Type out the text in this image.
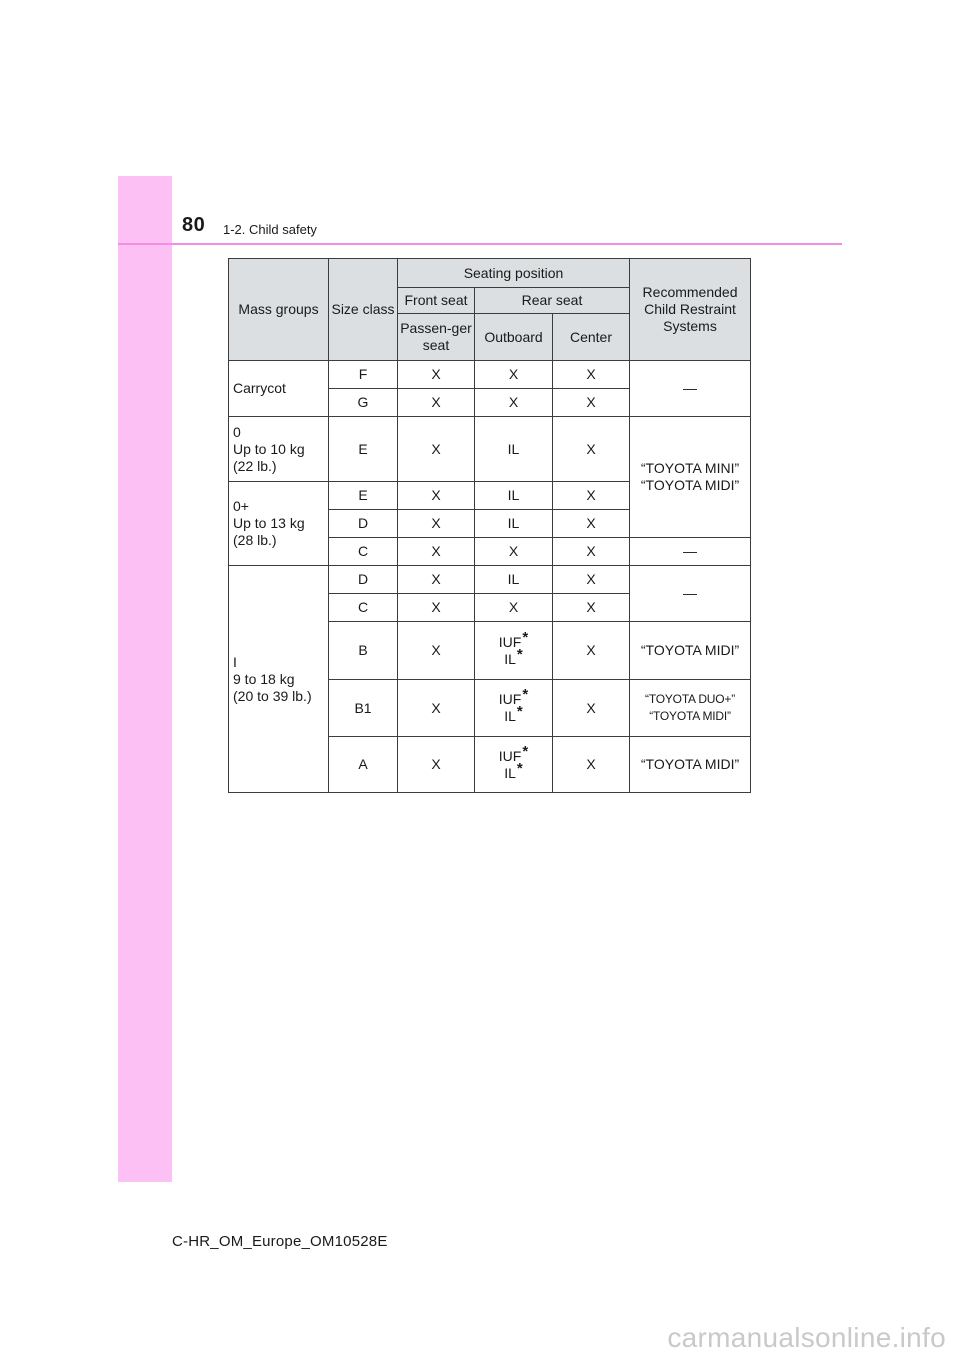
80 1-2. Child safety
Mass groups	Size class	Seating position			Recommended Child Restraint Systems
		Front seat	Rear seat		
		Passen-ger seat	Outboard	Center	
Carrycot	F	X	X	X	—
	G	X	X	X	

0
Up to 10 kg
(22 lb.)	E	X	IL	X	“TOYOTA MINI”
“TOYOTA MIDI”

0+
Up to 13 kg
(28 lb.)	E	X	IL	X	
	D	X	IL	X	
	C	X	X	X	—

I
9 to 18 kg
(20 to 39 lb.)	D	X	IL	X	—
	C	X	X	X	
	B	X	IUF*
IL*	X	“TOYOTA MIDI”
	B1	X	IUF*
IL*	X	“TOYOTA DUO+”
“TOYOTA MIDI”

	A	X	IUF*
IL*	X	“TOYOTA MIDI”
C-HR_OM_Europe_OM10528E
carmanualsonline.info
